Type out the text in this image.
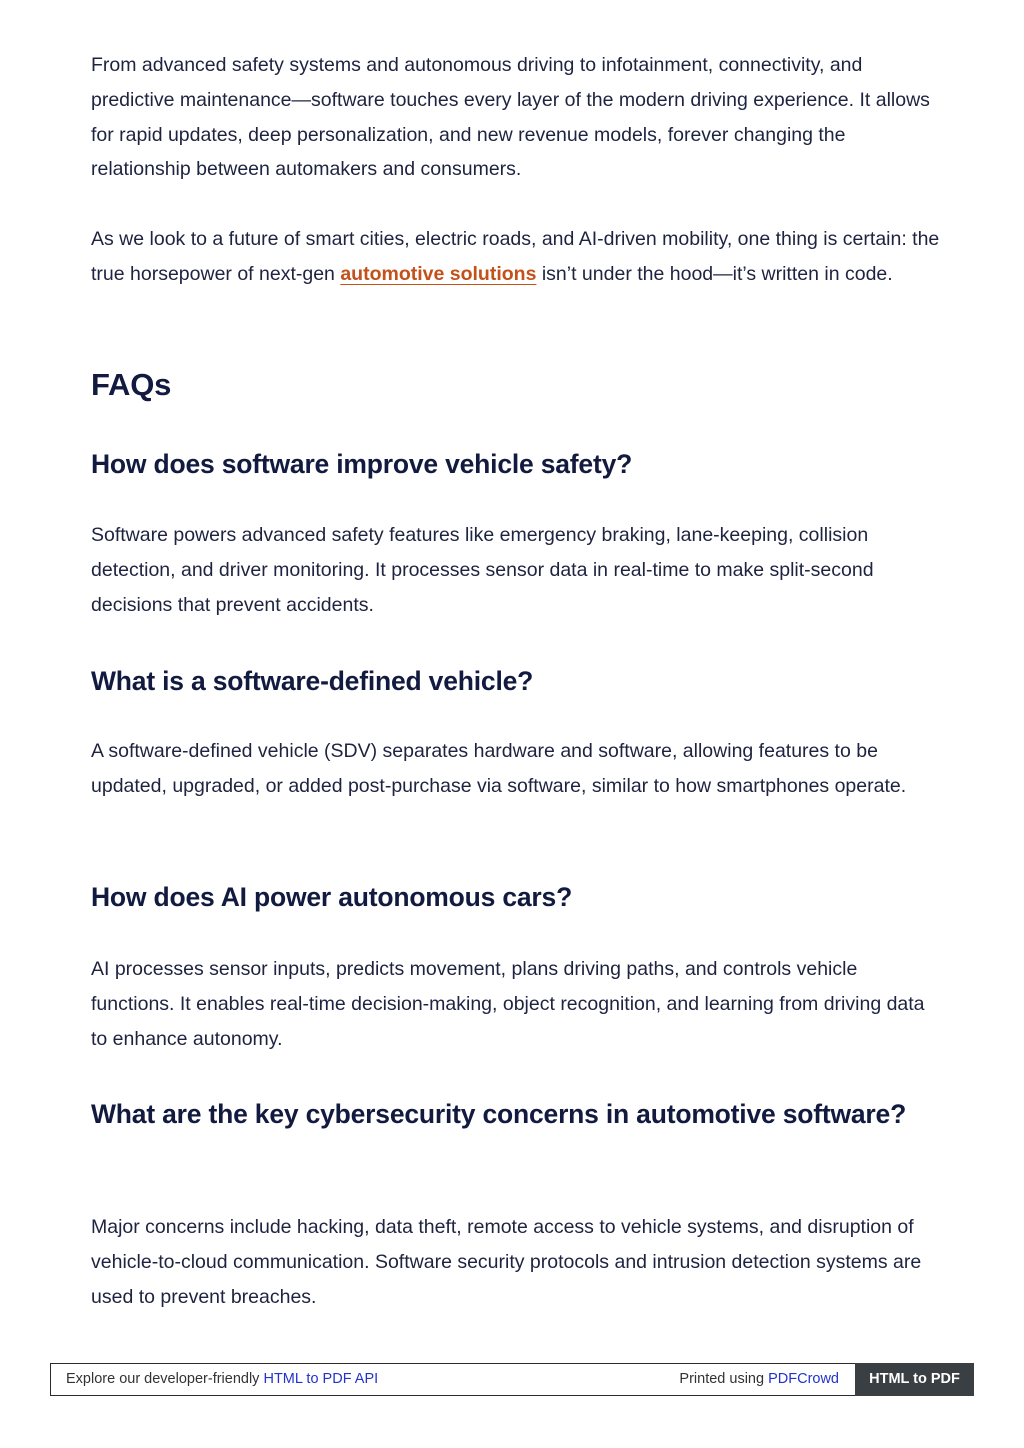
From advanced safety systems and autonomous driving to infotainment, connectivity, and predictive maintenance—software touches every layer of the modern driving experience. It allows for rapid updates, deep personalization, and new revenue models, forever changing the relationship between automakers and consumers.

As we look to a future of smart cities, electric roads, and AI-driven mobility, one thing is certain: the true horsepower of next-gen automotive solutions isn’t under the hood—it’s written in code.

FAQs
How does software improve vehicle safety?

Software powers advanced safety features like emergency braking, lane-keeping, collision detection, and driver monitoring. It processes sensor data in real-time to make split-second decisions that prevent accidents.

What is a software-defined vehicle?

A software-defined vehicle (SDV) separates hardware and software, allowing features to be updated, upgraded, or added post-purchase via software, similar to how smartphones operate.

How does AI power autonomous cars?

AI processes sensor inputs, predicts movement, plans driving paths, and controls vehicle functions. It enables real-time decision-making, object recognition, and learning from driving data to enhance autonomy.

What are the key cybersecurity concerns in automotive software?

Major concerns include hacking, data theft, remote access to vehicle systems, and disruption of vehicle-to-cloud communication. Software security protocols and intrusion detection systems are used to prevent breaches.

Explore our developer-friendly HTML to PDF API	Printed using PDFCrowd	HTML to PDF
